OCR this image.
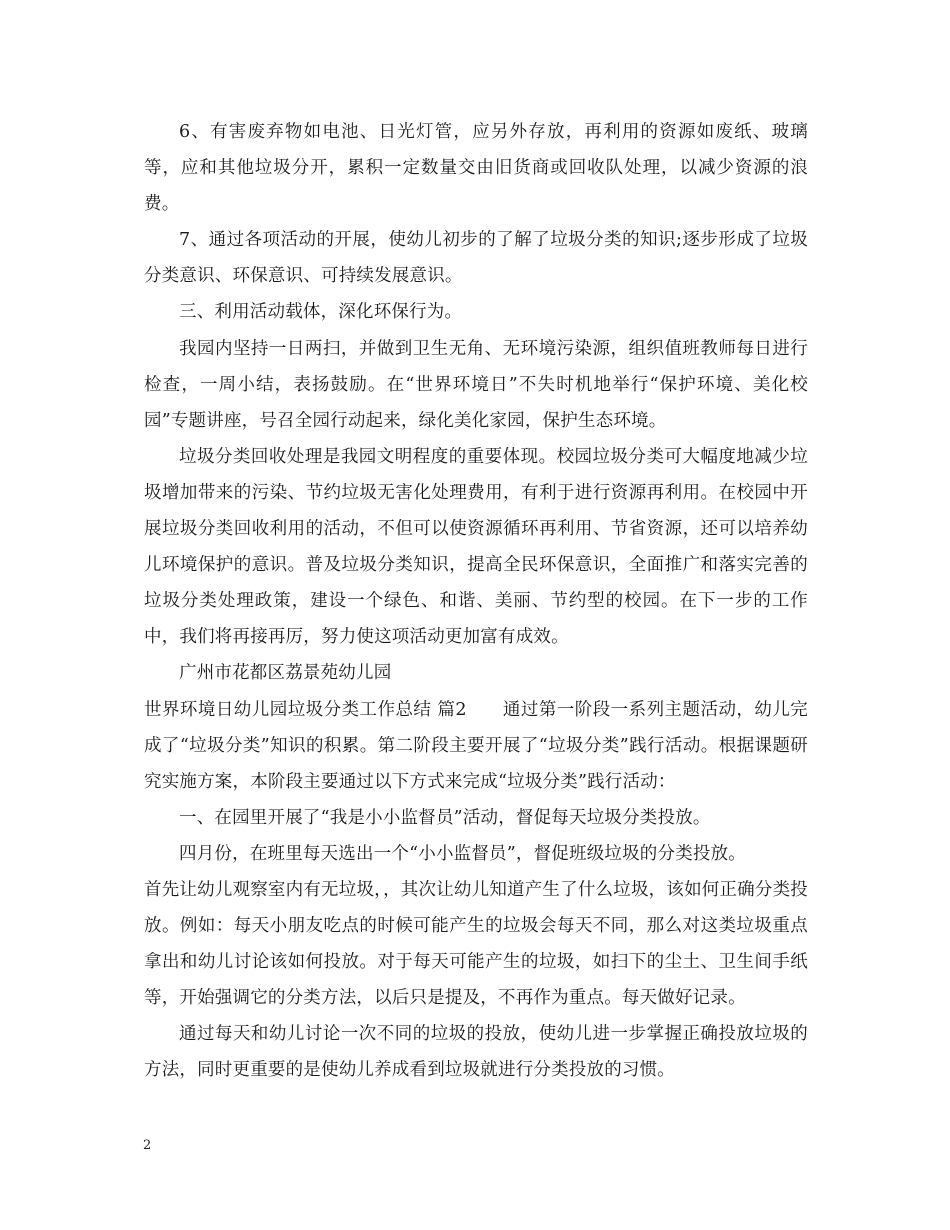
6、有害废弃物如电池、日光灯管，应另外存放，再利用的资源如废纸、玻璃等，应和其他垃圾分开，累积一定数量交由旧货商或回收队处理，以减少资源的浪费。

7、通过各项活动的开展，使幼儿初步的了解了垃圾分类的知识;逐步形成了垃圾分类意识、环保意识、可持续发展意识。

三、利用活动载体，深化环保行为。

我园内坚持一日两扫，并做到卫生无角、无环境污染源，组织值班教师每日进行检查，一周小结，表扬鼓励。在“世界环境日”不失时机地举行“保护环境、美化校园”专题讲座，号召全园行动起来，绿化美化家园，保护生态环境。

垃圾分类回收处理是我园文明程度的重要体现。校园垃圾分类可大幅度地减少垃圾增加带来的污染、节约垃圾无害化处理费用，有利于进行资源再利用。在校园中开展垃圾分类回收利用的活动，不但可以使资源循环再利用、节省资源，还可以培养幼儿环境保护的意识。普及垃圾分类知识，提高全民环保意识，全面推广和落实完善的垃圾分类处理政策，建设一个绿色、和谐、美丽、节约型的校园。在下一步的工作中，我们将再接再厉，努力使这项活动更加富有成效。

广州市花都区荔景苑幼儿园

世界环境日幼儿园垃圾分类工作总结 篇2　　通过第一阶段一系列主题活动，幼儿完成了“垃圾分类”知识的积累。第二阶段主要开展了“垃圾分类”践行活动。根据课题研究实施方案，本阶段主要通过以下方式来完成“垃圾分类”践行活动：

一、在园里开展了“我是小小监督员”活动，督促每天垃圾分类投放。

四月份，在班里每天选出一个“小小监督员”，督促班级垃圾的分类投放。

首先让幼儿观察室内有无垃圾，，其次让幼儿知道产生了什么垃圾，该如何正确分类投放。例如：每天小朋友吃点的时候可能产生的垃圾会每天不同，那么对这类垃圾重点拿出和幼儿讨论该如何投放。对于每天可能产生的垃圾，如扫下的尘土、卫生间手纸等，开始强调它的分类方法，以后只是提及，不再作为重点。每天做好记录。

通过每天和幼儿讨论一次不同的垃圾的投放，使幼儿进一步掌握正确投放垃圾的方法，同时更重要的是使幼儿养成看到垃圾就进行分类投放的习惯。

2
